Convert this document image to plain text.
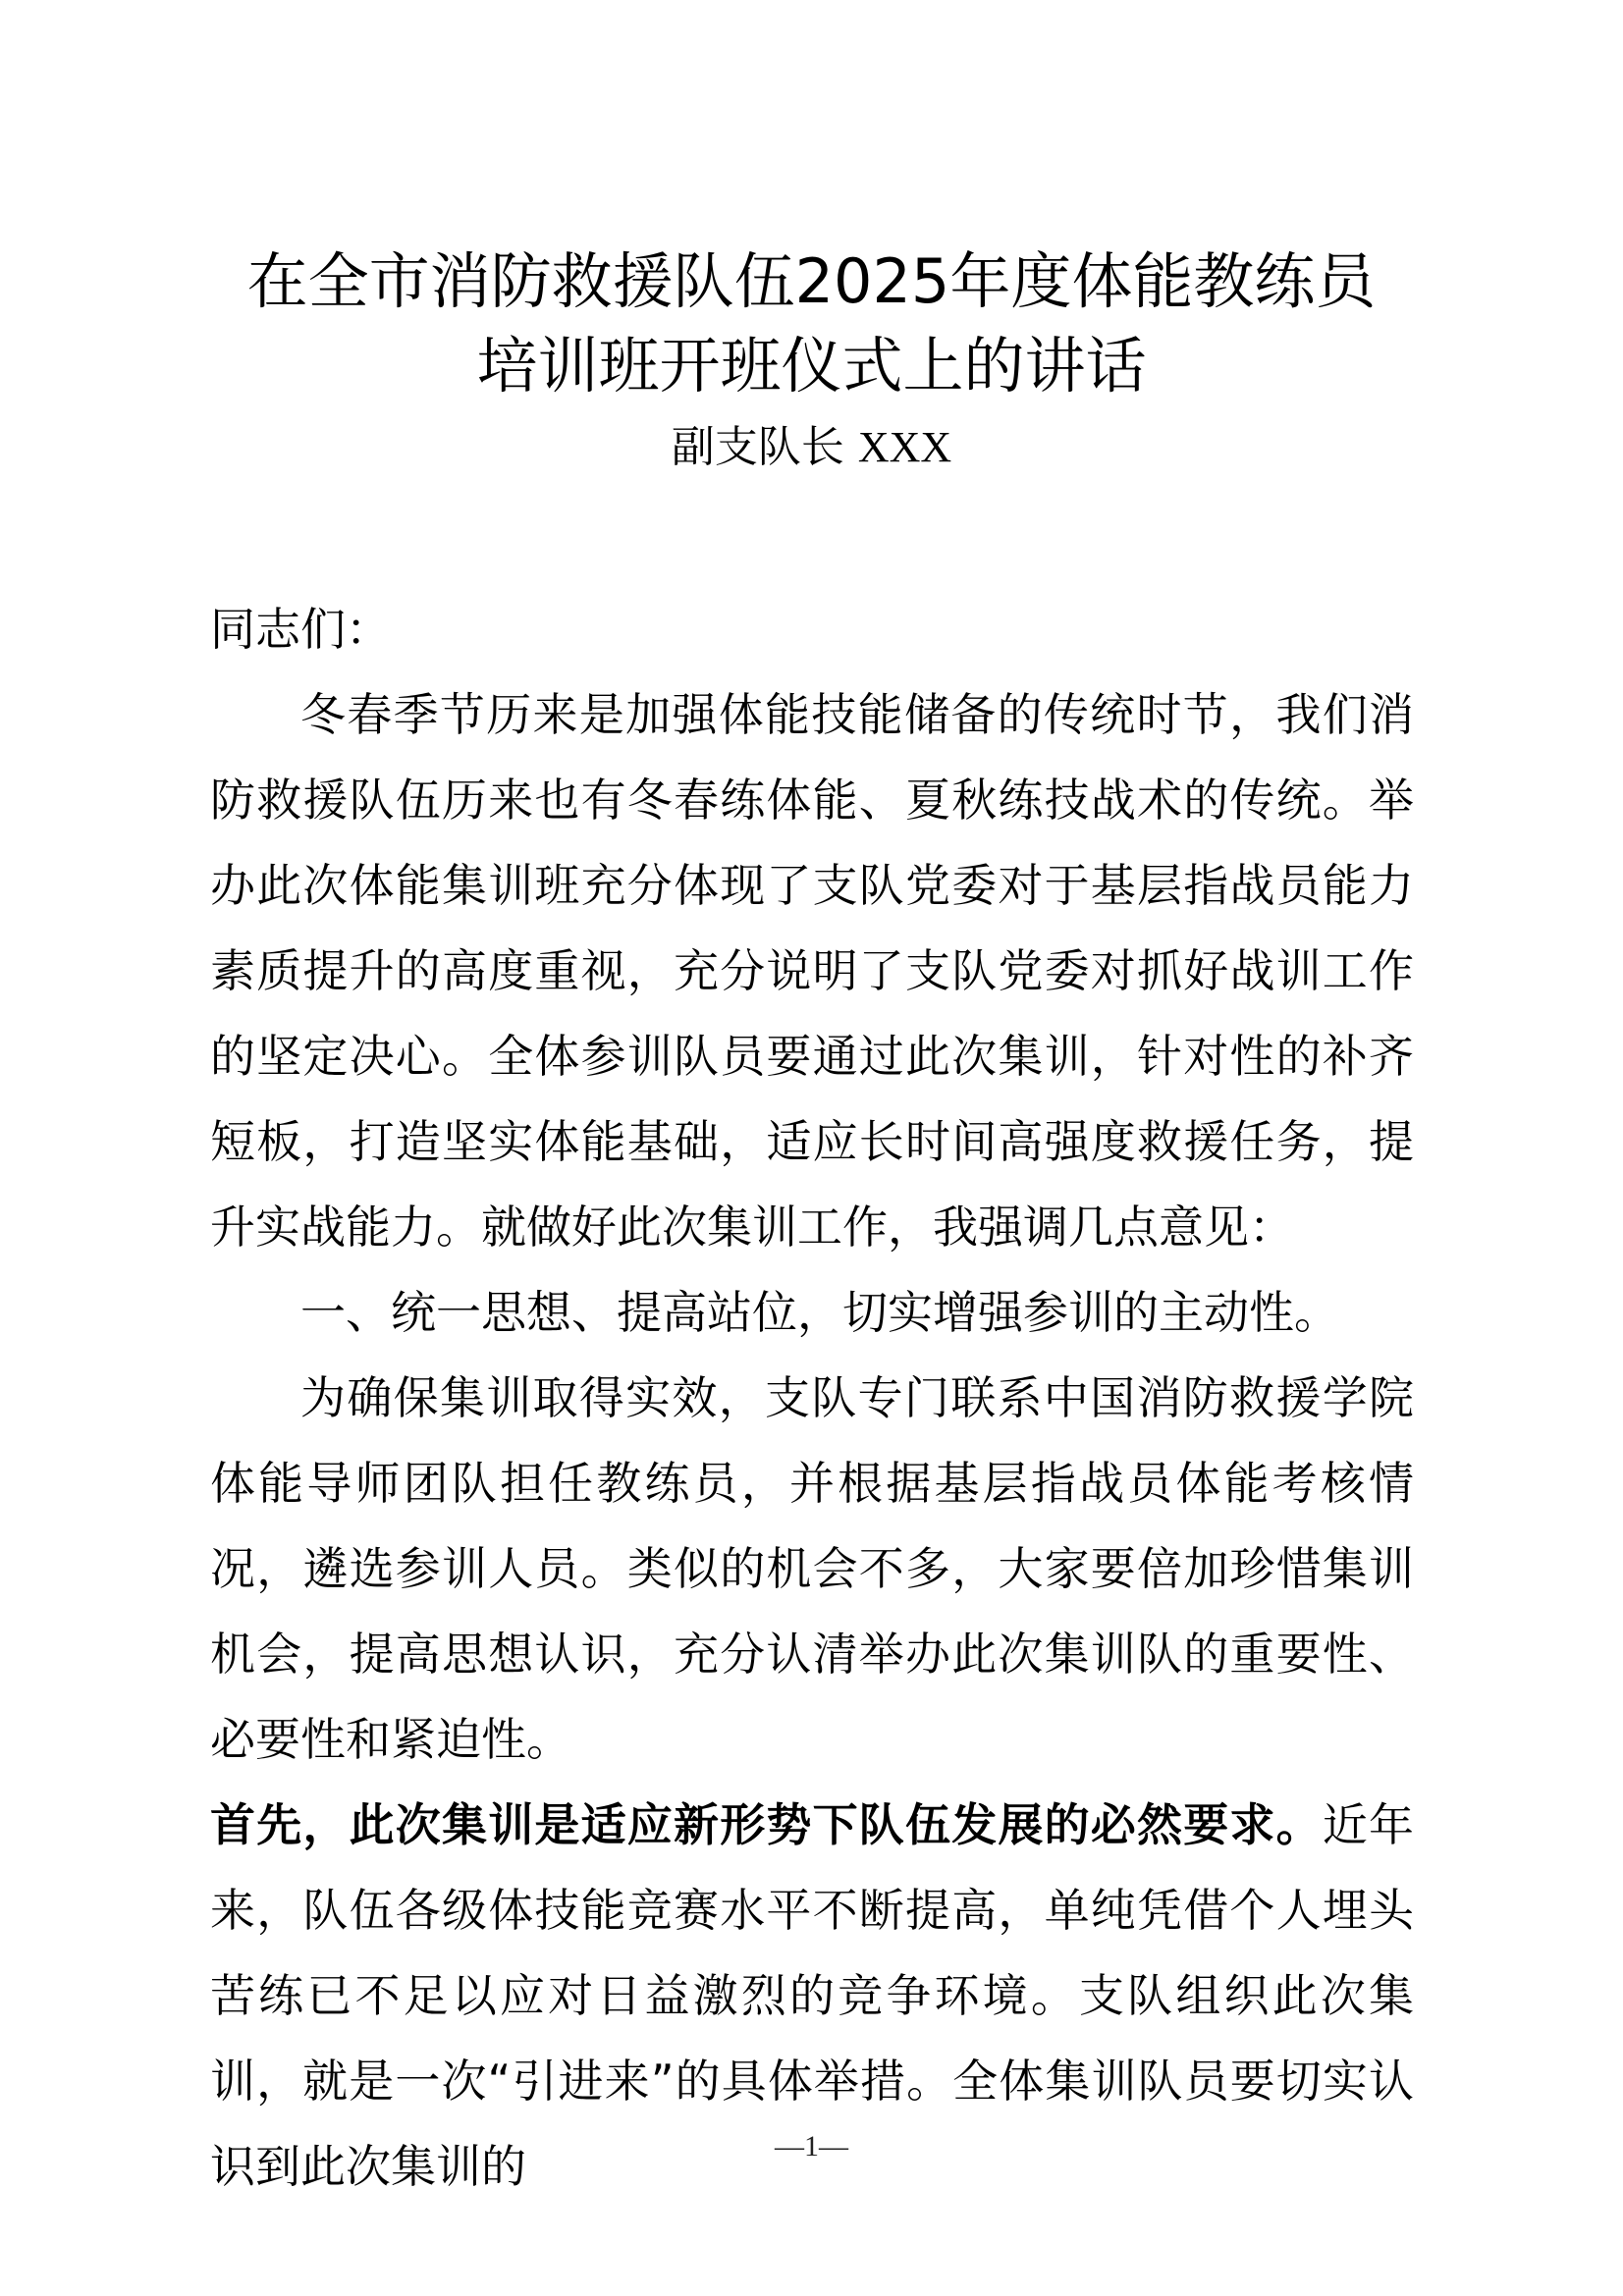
在全市消防救援队伍2025年度体能教练员
培训班开班仪式上的讲话
副支队长 XXX

同志们：

冬春季节历来是加强体能技能储备的传统时节，我们消防救援队伍历来也有冬春练体能、夏秋练技战术的传统。举办此次体能集训班充分体现了支队党委对于基层指战员能力素质提升的高度重视，充分说明了支队党委对抓好战训工作的坚定决心。全体参训队员要通过此次集训，针对性的补齐短板，打造坚实体能基础，适应长时间高强度救援任务，提升实战能力。就做好此次集训工作，我强调几点意见：

一、统一思想、提高站位，切实增强参训的主动性。

为确保集训取得实效，支队专门联系中国消防救援学院体能导师团队担任教练员，并根据基层指战员体能考核情况，遴选参训人员。类似的机会不多，大家要倍加珍惜集训机会，提高思想认识，充分认清举办此次集训队的重要性、必要性和紧迫性。

首先，此次集训是适应新形势下队伍发展的必然要求。近年来，队伍各级体技能竞赛水平不断提高，单纯凭借个人埋头苦练已不足以应对日益激烈的竞争环境。支队组织此次集训，就是一次“引进来”的具体举措。全体集训队员要切实认识到此次集训的	—1—
